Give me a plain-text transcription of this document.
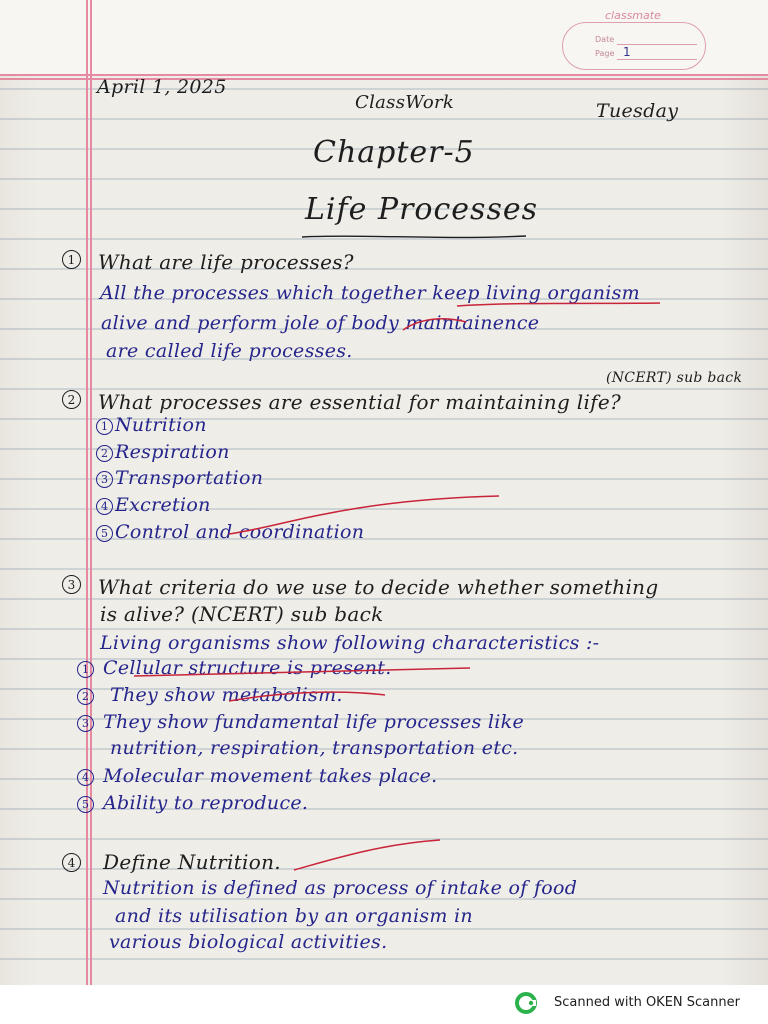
classmate
Date
Page 1
April 1, 2025
ClassWork	Tuesday
Chapter-5
Life Processes
1 What are life processes?
All the processes which together keep living organism
alive and perform jole of body maintainence
are called life processes.
(NCERT) sub back
2 What processes are essential for maintaining life?
1 Nutrition
2 Respiration
3 Transportation
4 Excretion
5 Control and coordination
3 What criteria do we use to decide whether something
is alive? (NCERT) sub back
Living organisms show following characteristics :-
1 Cellular structure is present.
2 They show metabolism.
3 They show fundamental life processes like
nutrition, respiration, transportation etc.
4 Molecular movement takes place.
5 Ability to reproduce.
4 Define Nutrition.
Nutrition is defined as process of intake of food
and its utilisation by an organism in
various biological activities.
Scanned with OKEN Scanner
